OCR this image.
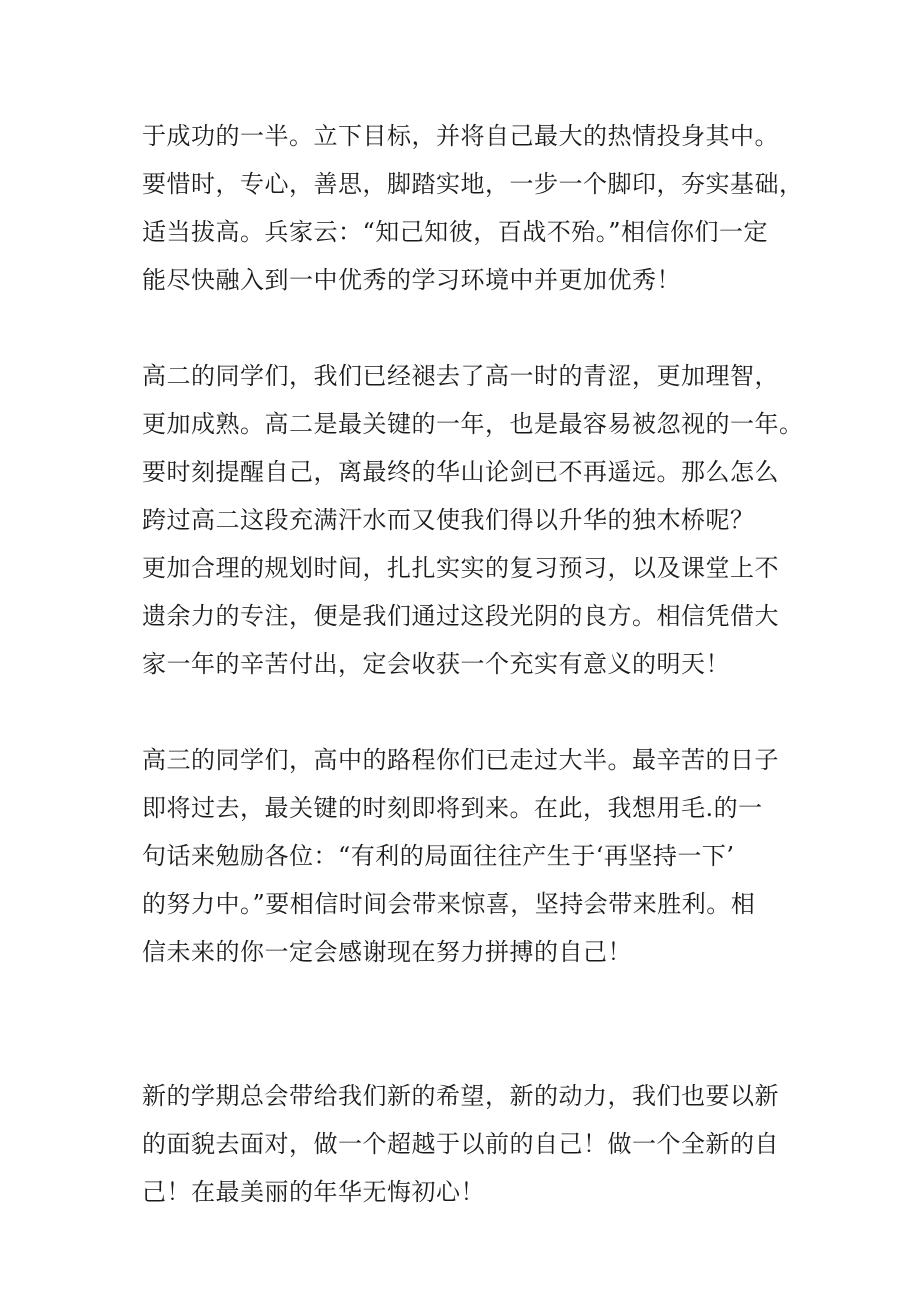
于成功的一半。立下目标，并将自己最大的热情投身其中。
要惜时，专心，善思，脚踏实地，一步一个脚印，夯实基础，
适当拔高。兵家云：“知己知彼，百战不殆。”相信你们一定
能尽快融入到一中优秀的学习环境中并更加优秀！
高二的同学们，我们已经褪去了高一时的青涩，更加理智，
更加成熟。高二是最关键的一年，也是最容易被忽视的一年。
要时刻提醒自己，离最终的华山论剑已不再遥远。那么怎么
跨过高二这段充满汗水而又使我们得以升华的独木桥呢？
更加合理的规划时间，扎扎实实的复习预习，以及课堂上不
遗余力的专注，便是我们通过这段光阴的良方。相信凭借大
家一年的辛苦付出，定会收获一个充实有意义的明天！
高三的同学们，高中的路程你们已走过大半。最辛苦的日子
即将过去，最关键的时刻即将到来。在此，我想用毛.的一
句话来勉励各位：“有利的局面往往产生于‘再坚持一下’
的努力中。”要相信时间会带来惊喜，坚持会带来胜利。相
信未来的你一定会感谢现在努力拼搏的自己！
新的学期总会带给我们新的希望，新的动力，我们也要以新
的面貌去面对，做一个超越于以前的自己！做一个全新的自
己！在最美丽的年华无悔初心！
